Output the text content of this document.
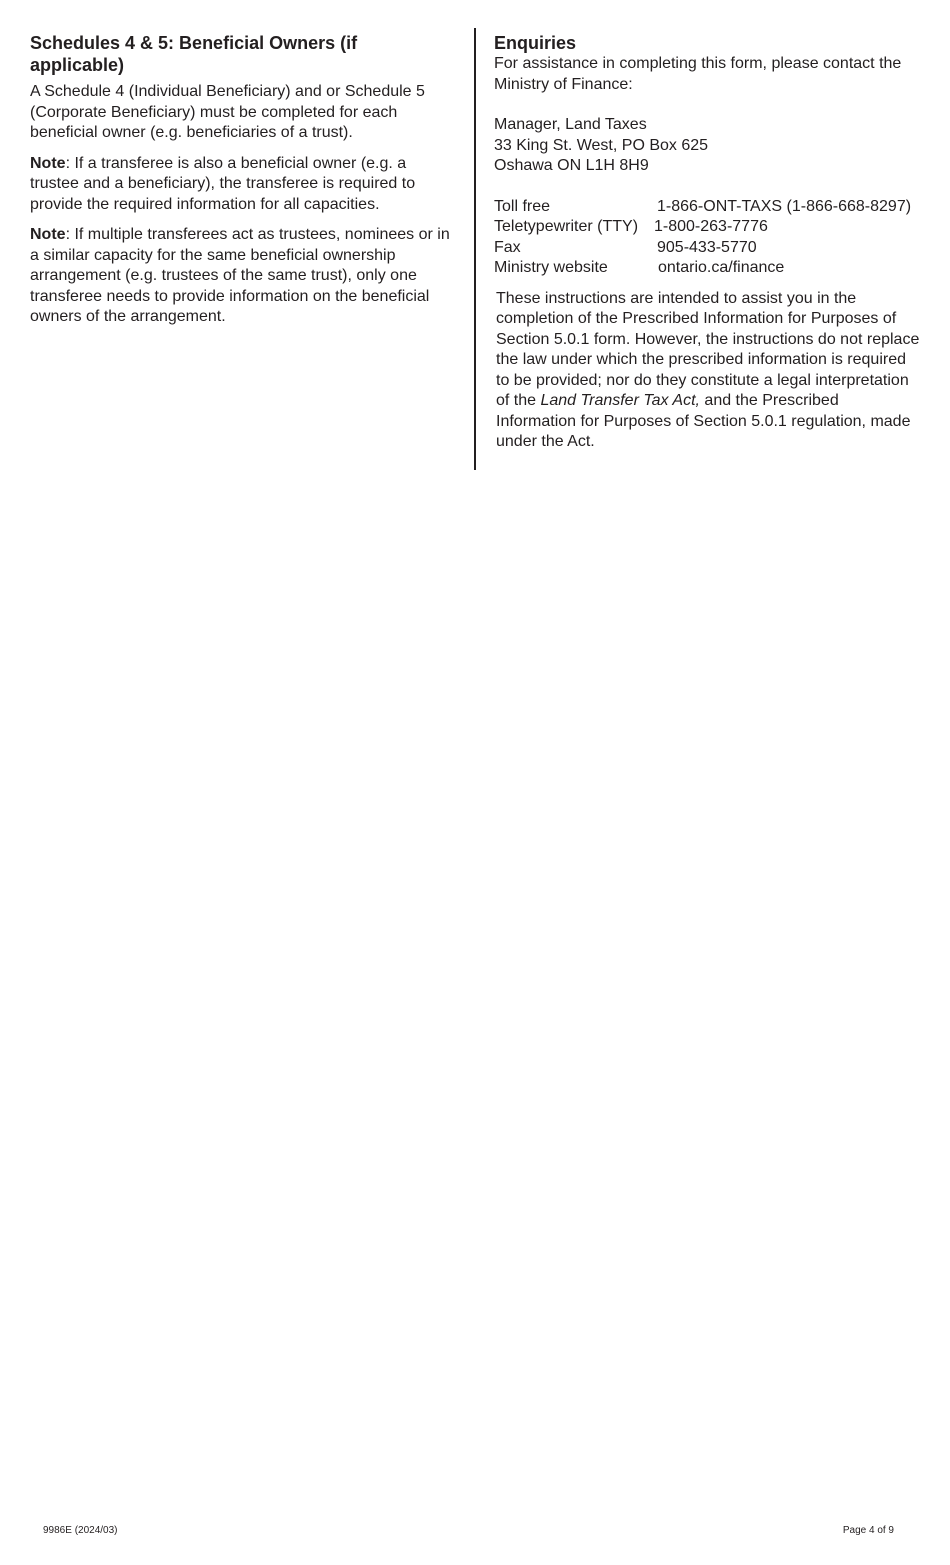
Schedules 4 & 5: Beneficial Owners (if applicable)

A Schedule 4 (Individual Beneficiary) and or Schedule 5 (Corporate Beneficiary) must be completed for each beneficial owner (e.g. beneficiaries of a trust).

Note: If a transferee is also a beneficial owner (e.g. a trustee and a beneficiary), the transferee is required to provide the required information for all capacities.

Note: If multiple transferees act as trustees, nominees or in a similar capacity for the same beneficial ownership arrangement (e.g. trustees of the same trust), only one transferee needs to provide information on the beneficial owners of the arrangement.

Enquiries

For assistance in completing this form, please contact the Ministry of Finance:

Manager, Land Taxes
33 King St. West, PO Box 625
Oshawa ON L1H 8H9
Toll free	1-866-ONT-TAXS (1-866-668-8297)
Teletypewriter (TTY) 1-800-263-7776
Fax	905-433-5770
Ministry website	ontario.ca/finance

These instructions are intended to assist you in the completion of the Prescribed Information for Purposes of Section 5.0.1 form. However, the instructions do not replace the law under which the prescribed information is required to be provided; nor do they constitute a legal interpretation of the Land Transfer Tax Act, and the Prescribed Information for Purposes of Section 5.0.1 regulation, made under the Act.

9986E (2024/03)	Page 4 of 9
